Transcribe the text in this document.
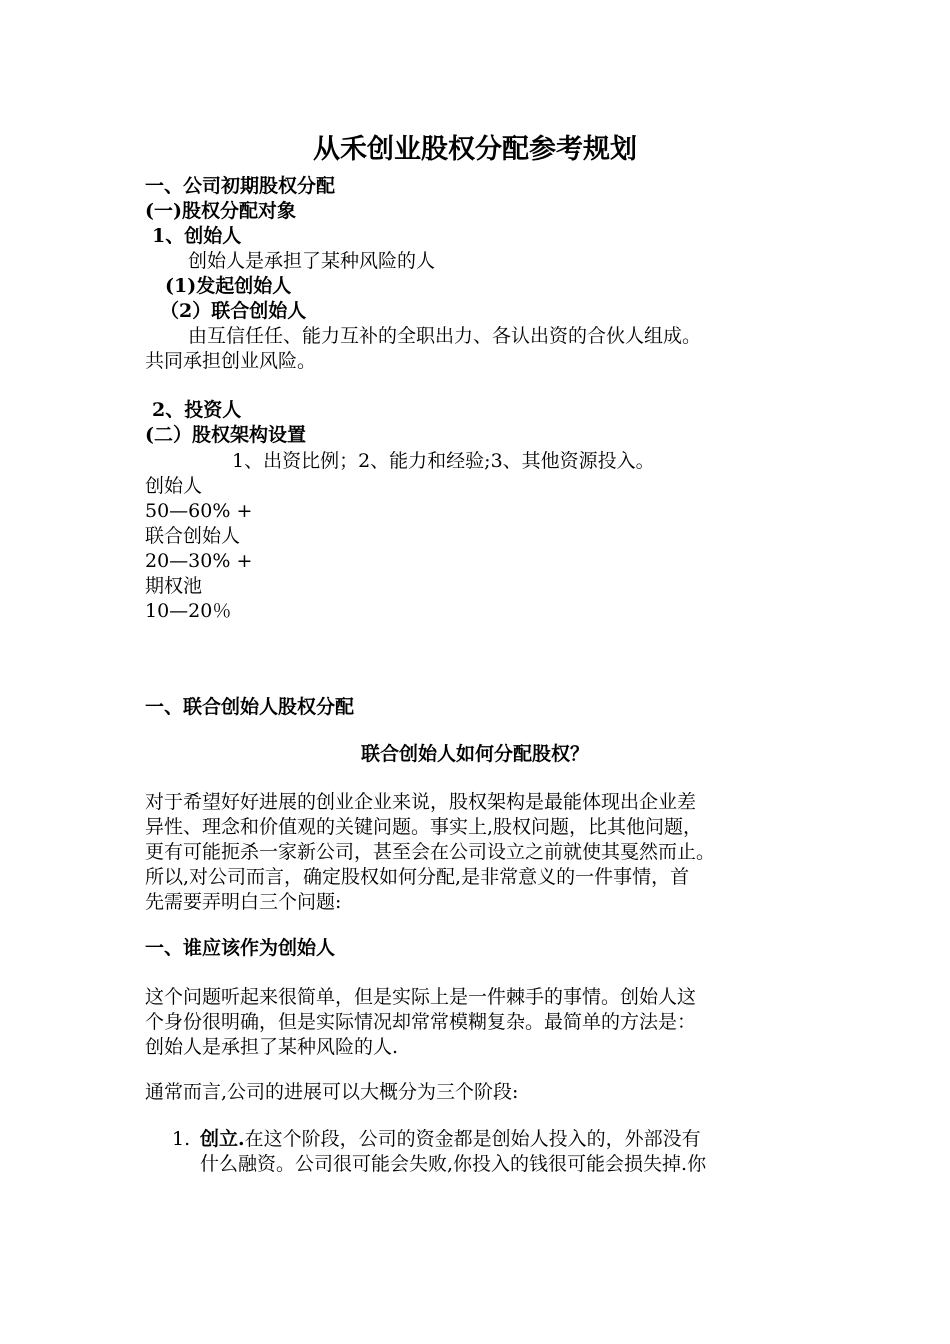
从禾创业股权分配参考规划
一、公司初期股权分配
(一)股权分配对象
1、创始人
创始人是承担了某种风险的人
(1)发起创始人
（2）联合创始人
由互信任任、能力互补的全职出力、各认出资的合伙人组成。
共同承担创业风险。
2、投资人
(二）股权架构设置
1、出资比例；2、能力和经验;3、其他资源投入。
创始人
50—60% +
联合创始人
20—30% +
期权池
10—20％
一、联合创始人股权分配
联合创始人如何分配股权？
对于希望好好进展的创业企业来说，股权架构是最能体现出企业差
异性、理念和价值观的关键问题。事实上,股权问题，比其他问题，
更有可能扼杀一家新公司，甚至会在公司设立之前就使其戛然而止。
所以,对公司而言，确定股权如何分配,是非常意义的一件事情，首
先需要弄明白三个问题:
一、谁应该作为创始人
这个问题听起来很简单，但是实际上是一件棘手的事情。创始人这
个身份很明确，但是实际情况却常常模糊复杂。最简单的方法是：
创始人是承担了某种风险的人.
通常而言,公司的进展可以大概分为三个阶段:
1. 创立.在这个阶段，公司的资金都是创始人投入的，外部没有
什么融资。公司很可能会失败,你投入的钱很可能会损失掉.你
